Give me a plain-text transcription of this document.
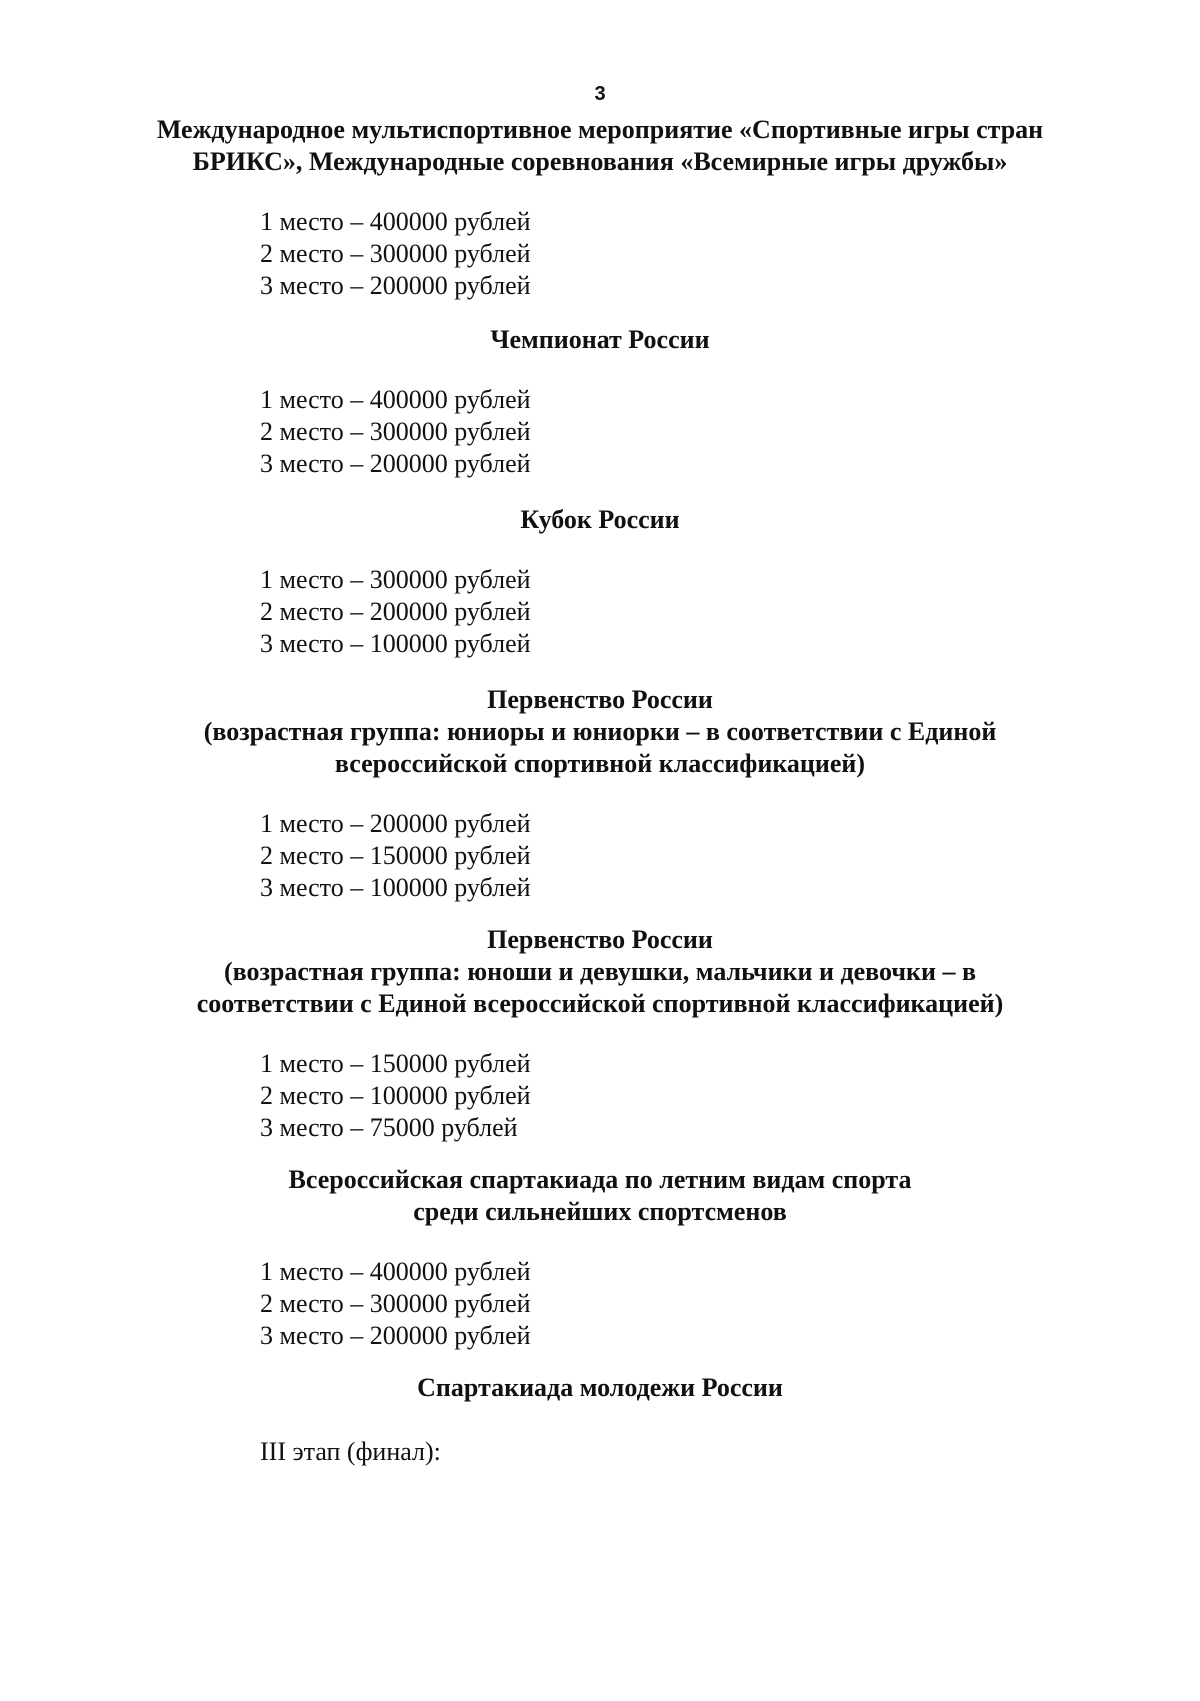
3
Международное мультиспортивное мероприятие «Спортивные игры стран
БРИКС», Международные соревнования «Всемирные игры дружбы»
1 место – 400000 рублей
2 место – 300000 рублей
3 место – 200000 рублей
Чемпионат России
1 место – 400000 рублей
2 место – 300000 рублей
3 место – 200000 рублей
Кубок России
1 место – 300000 рублей
2 место – 200000 рублей
3 место – 100000 рублей
Первенство России
(возрастная группа: юниоры и юниорки – в соответствии с Единой
всероссийской спортивной классификацией)
1 место – 200000 рублей
2 место – 150000 рублей
3 место – 100000 рублей
Первенство России
(возрастная группа: юноши и девушки, мальчики и девочки – в
соответствии с Единой всероссийской спортивной классификацией)
1 место – 150000 рублей
2 место – 100000 рублей
3 место – 75000 рублей
Всероссийская спартакиада по летним видам спорта
среди сильнейших спортсменов
1 место – 400000 рублей
2 место – 300000 рублей
3 место – 200000 рублей
Спартакиада молодежи России
III этап (финал):
